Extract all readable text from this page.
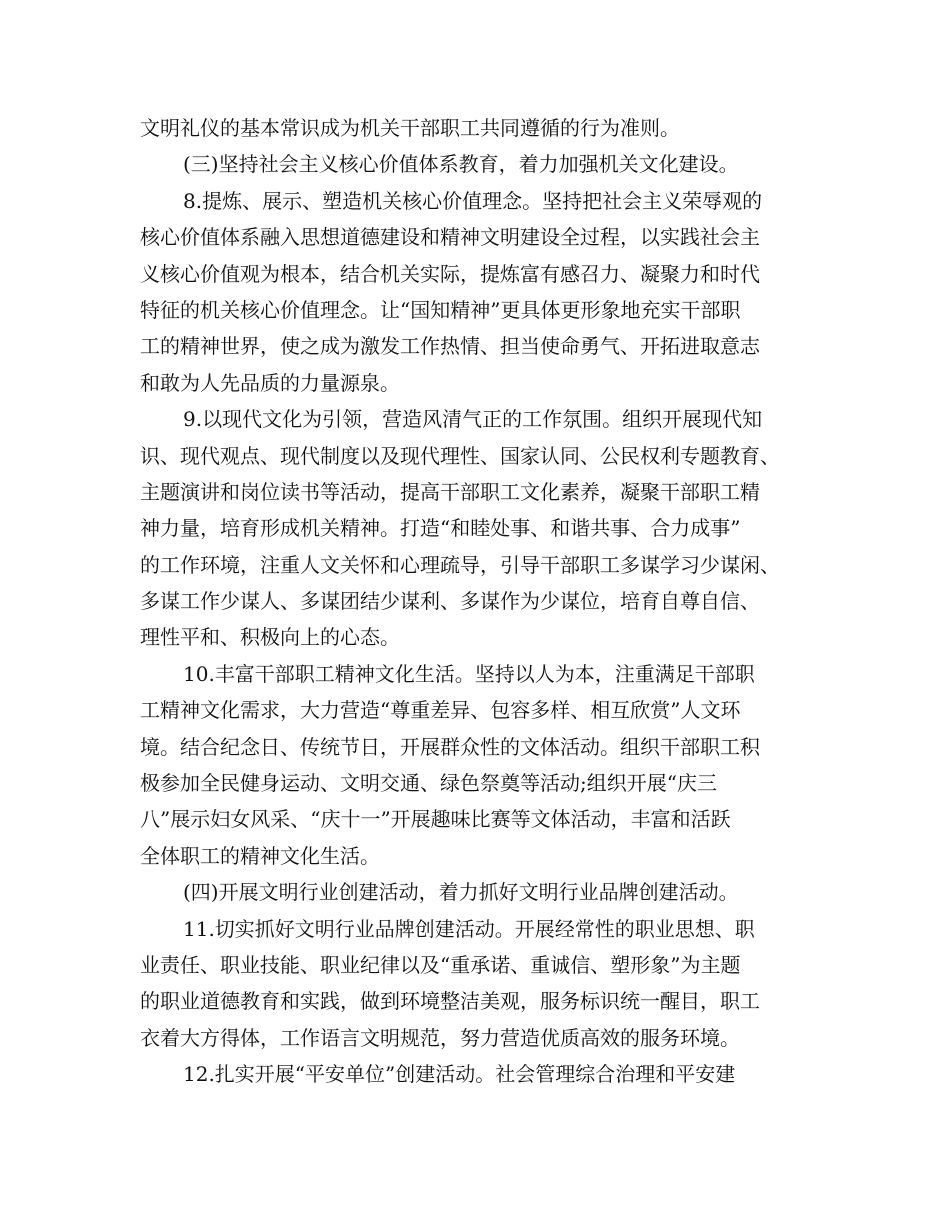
文明礼仪的基本常识成为机关干部职工共同遵循的行为准则。
(三)坚持社会主义核心价值体系教育，着力加强机关文化建设。
8.提炼、展示、塑造机关核心价值理念。坚持把社会主义荣辱观的
核心价值体系融入思想道德建设和精神文明建设全过程，以实践社会主
义核心价值观为根本，结合机关实际，提炼富有感召力、凝聚力和时代
特征的机关核心价值理念。让“国知精神”更具体更形象地充实干部职
工的精神世界，使之成为激发工作热情、担当使命勇气、开拓进取意志
和敢为人先品质的力量源泉。
9.以现代文化为引领，营造风清气正的工作氛围。组织开展现代知
识、现代观点、现代制度以及现代理性、国家认同、公民权利专题教育、
主题演讲和岗位读书等活动，提高干部职工文化素养，凝聚干部职工精
神力量，培育形成机关精神。打造“和睦处事、和谐共事、合力成事”
的工作环境，注重人文关怀和心理疏导，引导干部职工多谋学习少谋闲、
多谋工作少谋人、多谋团结少谋利、多谋作为少谋位，培育自尊自信、
理性平和、积极向上的心态。
10.丰富干部职工精神文化生活。坚持以人为本，注重满足干部职
工精神文化需求，大力营造“尊重差异、包容多样、相互欣赏”人文环
境。结合纪念日、传统节日，开展群众性的文体活动。组织干部职工积
极参加全民健身运动、文明交通、绿色祭奠等活动;组织开展“庆三
八”展示妇女风采、“庆十一”开展趣味比赛等文体活动，丰富和活跃
全体职工的精神文化生活。
(四)开展文明行业创建活动，着力抓好文明行业品牌创建活动。
11.切实抓好文明行业品牌创建活动。开展经常性的职业思想、职
业责任、职业技能、职业纪律以及“重承诺、重诚信、塑形象”为主题
的职业道德教育和实践，做到环境整洁美观，服务标识统一醒目，职工
衣着大方得体，工作语言文明规范，努力营造优质高效的服务环境。
12.扎实开展“平安单位”创建活动。社会管理综合治理和平安建
